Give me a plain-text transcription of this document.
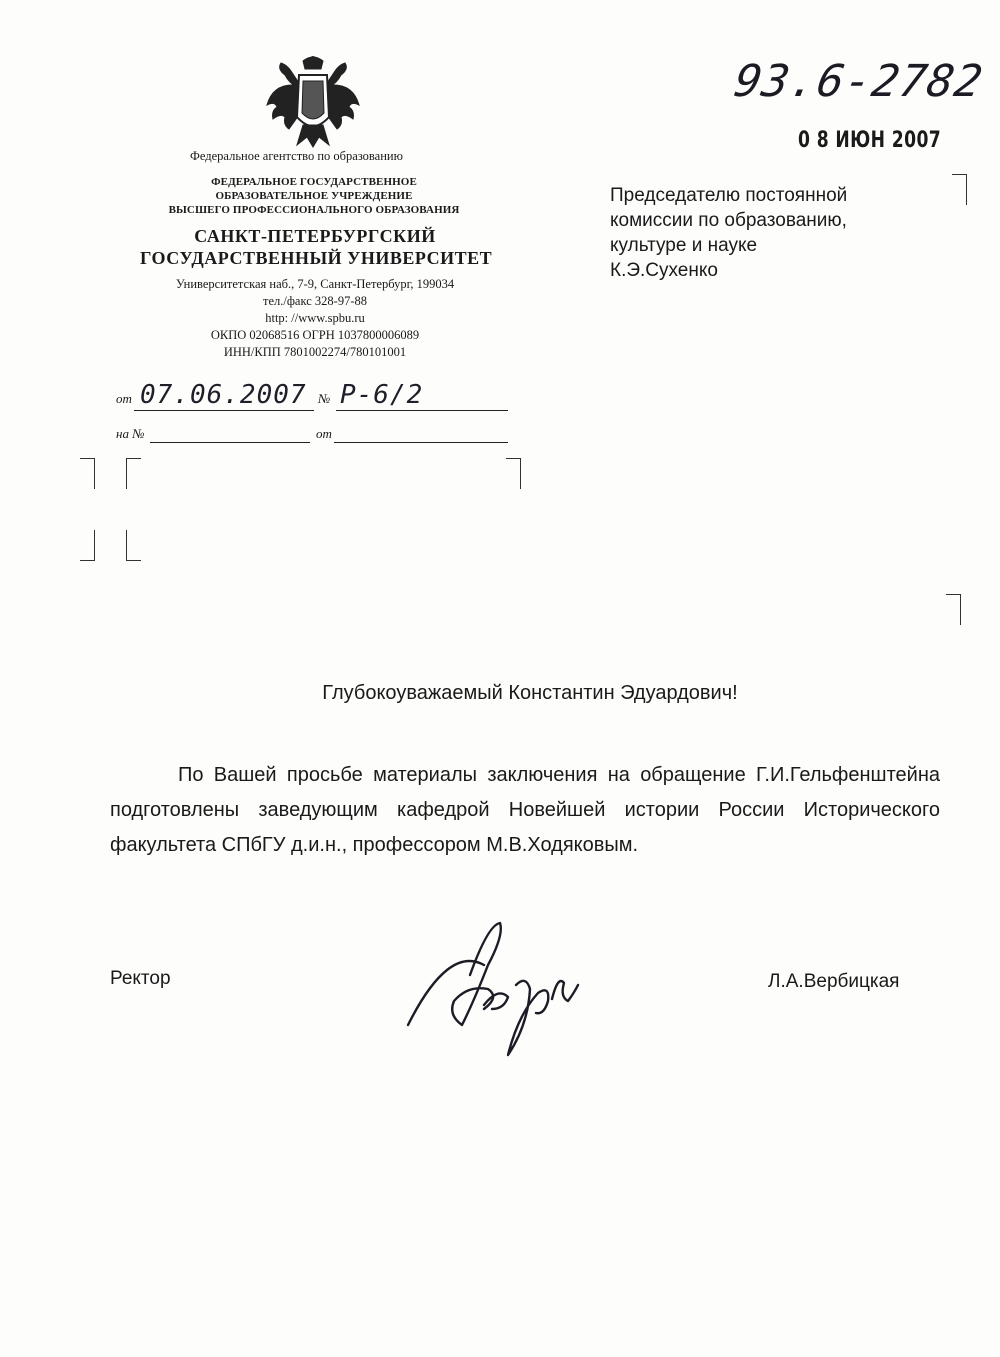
93.6-2782
0 8 ИЮН 2007
Федеральное агентство по образованию
ФЕДЕРАЛЬНОЕ ГОСУДАРСТВЕННОЕ
ОБРАЗОВАТЕЛЬНОЕ УЧРЕЖДЕНИЕ
ВЫСШЕГО ПРОФЕССИОНАЛЬНОГО ОБРАЗОВАНИЯ
САНКТ-ПЕТЕРБУРГСКИЙ
ГОСУДАРСТВЕННЫЙ УНИВЕРСИТЕТ
Университетская наб., 7-9, Санкт-Петербург, 199034
тел./факс 328-97-88
http: //www.spbu.ru
ОКПО 02068516 ОГРН 1037800006089
ИНН/КПП 7801002274/780101001
от 07.06.2007 № Р-6/2
на №	от
Председателю постоянной
комиссии по образованию,
культуре и науке
К.Э.Сухенко
Глубокоуважаемый Константин Эдуардович!
По Вашей просьбе материалы заключения на обращение Г.И.Гельфенштейна подготовлены заведующим кафедрой Новейшей истории России Исторического факультета СПбГУ д.и.н., профессором М.В.Ходяковым.
Ректор	Л.А.Вербицкая
